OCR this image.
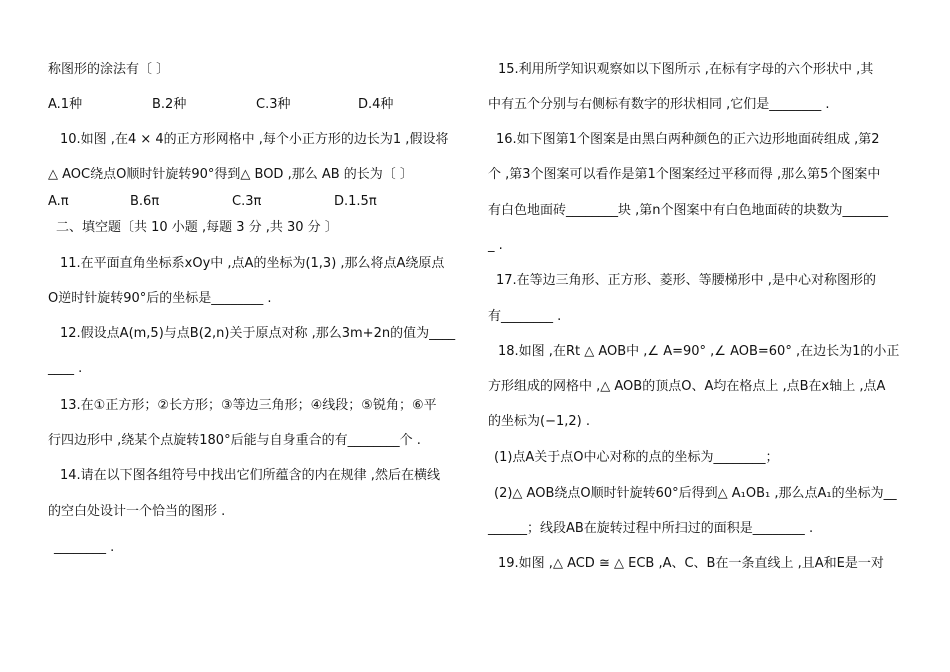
称图形的涂法有〔 〕
A.1种	B.2种	C.3种	D.4种
10.如图 ,在4 × 4的正方形网格中 ,每个小正方形的边长为1 ,假设将
△ AOC绕点O顺时针旋转90°得到△ BOD ,那么 AB 的长为〔 〕
A.π	B.6π	C.3π	D.1.5π
二、填空题〔共 10 小题 ,每题 3 分 ,共 30 分 〕
11.在平面直角坐标系xOy中 ,点A的坐标为(1,3) ,那么将点A绕原点
O逆时针旋转90°后的坐标是________ .
12.假设点A(m,5)与点B(2,n)关于原点对称 ,那么3m+2n的值为____
____ .
13.在①正方形；②长方形；③等边三角形；④线段；⑤锐角；⑥平
行四边形中 ,绕某个点旋转180°后能与自身重合的有________个 .
14.请在以下图各组符号中找出它们所蕴含的内在规律 ,然后在横线
的空白处设计一个恰当的图形 .
________ .
15.利用所学知识观察如以下图所示 ,在标有字母的六个形状中 ,其
中有五个分别与右侧标有数字的形状相同 ,它们是________ .
16.如下图第1个图案是由黑白两种颜色的正六边形地面砖组成 ,第2
个 ,第3个图案可以看作是第1个图案经过平移而得 ,那么第5个图案中
有白色地面砖________块 ,第n个图案中有白色地面砖的块数为_______
_ .
17.在等边三角形、正方形、菱形、等腰梯形中 ,是中心对称图形的
有________ .
18.如图 ,在Rt △ AOB中 ,∠ A=90° ,∠ AOB=60° ,在边长为1的小正
方形组成的网格中 ,△ AOB的顶点O、A均在格点上 ,点B在x轴上 ,点A
的坐标为(−1,2) .
(1)点A关于点O中心对称的点的坐标为________；
(2)△ AOB绕点O顺时针旋转60°后得到△ A₁OB₁ ,那么点A₁的坐标为__
______；线段AB在旋转过程中所扫过的面积是________ .
19.如图 ,△ ACD ≅ △ ECB ,A、C、B在一条直线上 ,且A和E是一对
